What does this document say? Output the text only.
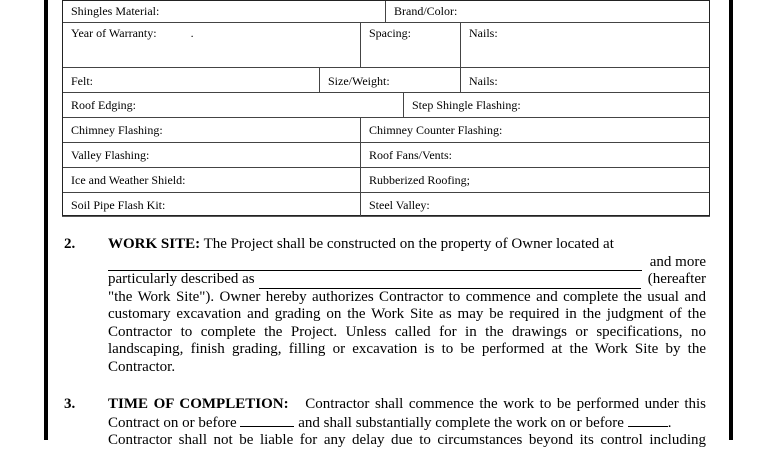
Shingles Material:	Brand/Color:
Year of Warranty:	.	Spacing:	Nails:
Felt:	Size/Weight:	Nails:
Roof Edging:	Step Shingle Flashing:
Chimney Flashing:	Chimney Counter Flashing:
Valley Flashing:	Roof Fans/Vents:
Ice and Weather Shield:	Rubberized Roofing;
Soil Pipe Flash Kit:	Steel Valley:
2. WORK SITE: The Project shall be constructed on the property of Owner located at
and more
particularly described as	(hereafter
"the Work Site"). Owner hereby authorizes Contractor to commence and complete the usual and
customary excavation and grading on the Work Site as may be required in the judgment of the
Contractor to complete the Project. Unless called for in the drawings or specifications, no
landscaping, finish grading, filling or excavation is to be performed at the Work Site by the
Contractor.
3. TIME OF COMPLETION: Contractor shall commence the work to be performed under this
Contract on or before	and shall substantially complete the work on or before	.
Contractor shall not be liable for any delay due to circumstances beyond its control including
